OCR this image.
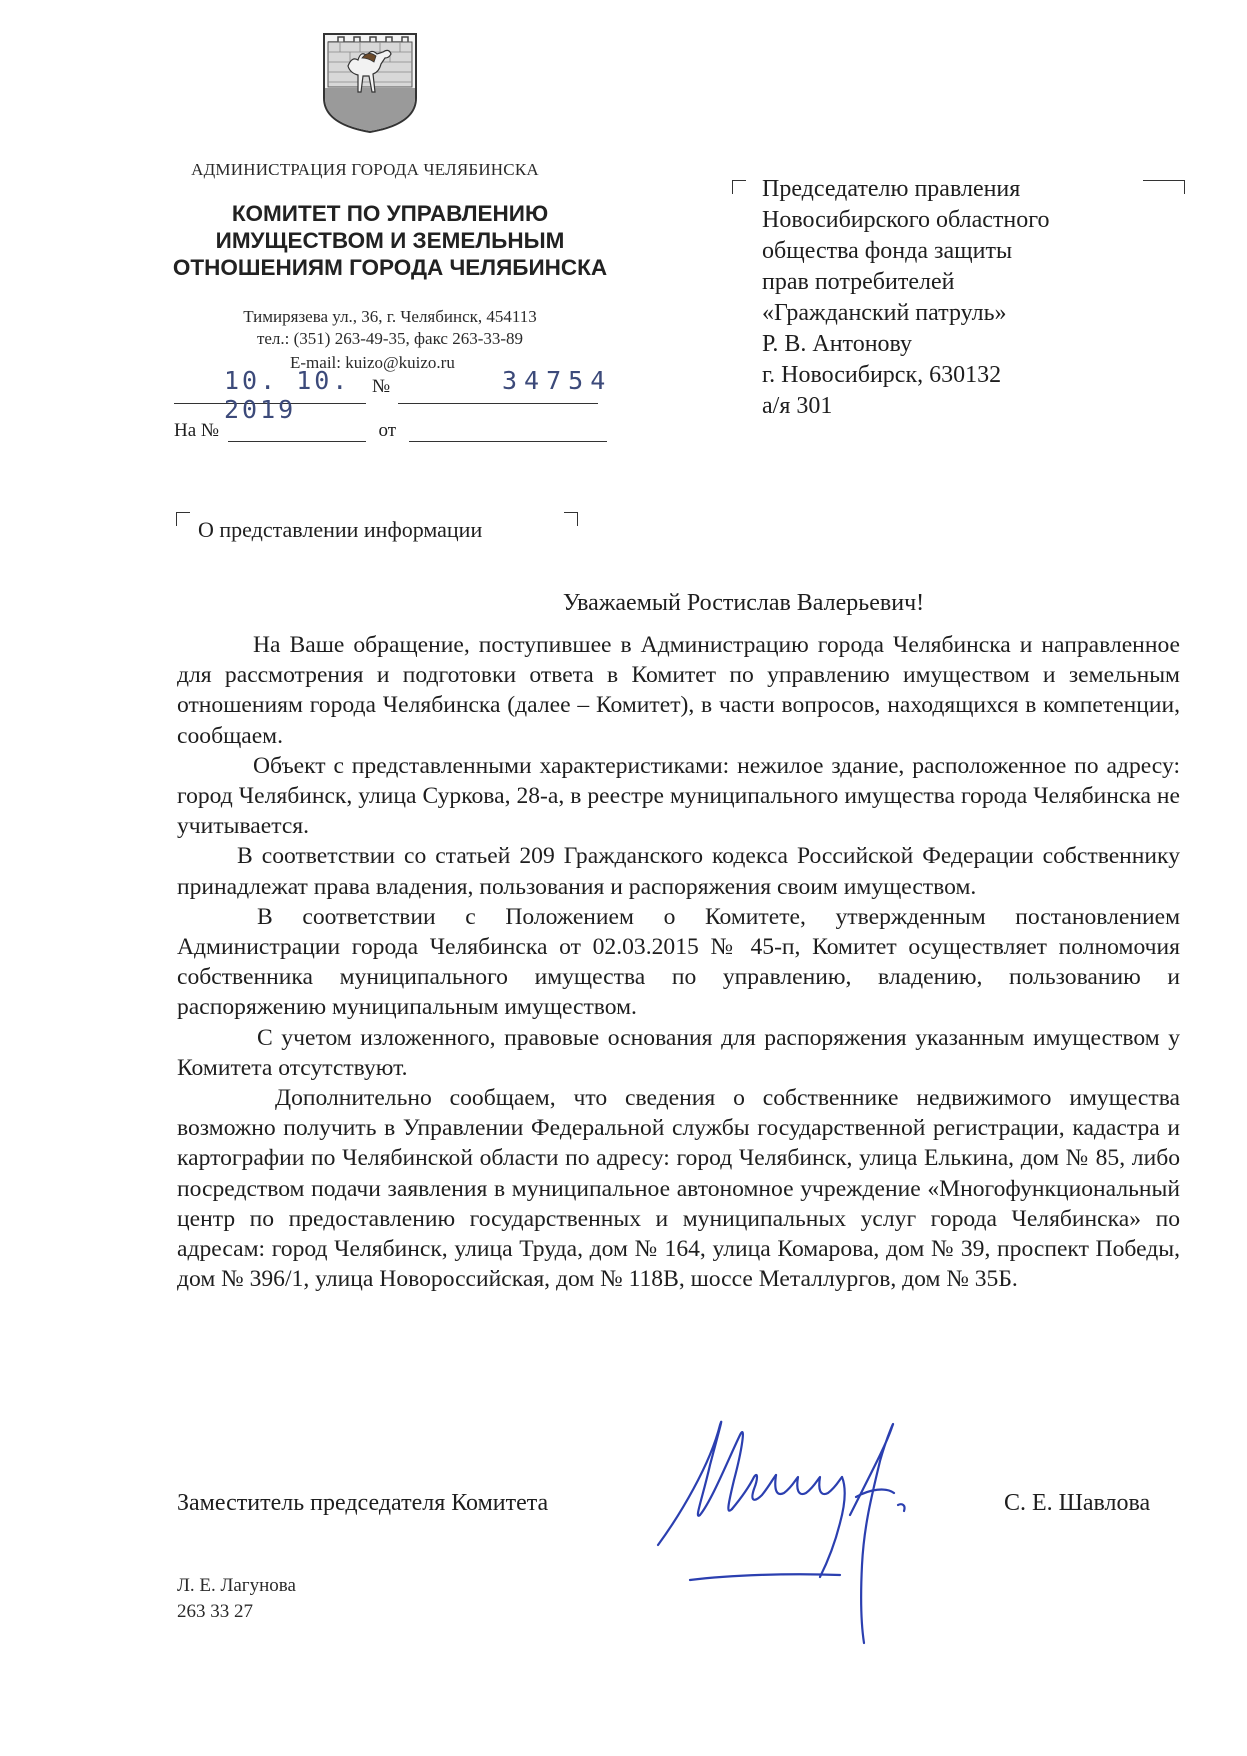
АДМИНИСТРАЦИЯ ГОРОДА ЧЕЛЯБИНСКА
КОМИТЕТ ПО УПРАВЛЕНИЮ
ИМУЩЕСТВОМ И ЗЕМЕЛЬНЫМ
ОТНОШЕНИЯМ ГОРОДА ЧЕЛЯБИНСКА
Тимирязева ул., 36, г. Челябинск, 454113
тел.: (351) 263-49-35, факс 263-33-89
E-mail: kuizo@kuizo.ru
10. 10. 2019
№	34754
На №	от
О представлении информации
Председателю правления
Новосибирского областного
общества фонда защиты
прав потребителей
«Гражданский патруль»
Р. В. Антонову
г. Новосибирск, 630132
а/я 301
Уважаемый Ростислав Валерьевич!

На Ваше обращение, поступившее в Администрацию города Челябинска и направленное для рассмотрения и подготовки ответа в Комитет по управлению имуществом и земельным отношениям города Челябинска (далее – Комитет), в части вопросов, находящихся в компетенции, сообщаем.

Объект с представленными характеристиками: нежилое здание, расположенное по адресу: город Челябинск, улица Суркова, 28-а, в реестре муниципального имущества города Челябинска не учитывается.

В соответствии со статьей 209 Гражданского кодекса Российской Федерации собственнику принадлежат права владения, пользования и распоряжения своим имуществом.

В соответствии с Положением о Комитете, утвержденным постановлением Администрации города Челябинска от 02.03.2015 № 45-п, Комитет осуществляет полномочия собственника муниципального имущества по управлению, владению, пользованию и распоряжению муниципальным имуществом.

С учетом изложенного, правовые основания для распоряжения указанным имуществом у Комитета отсутствуют.

Дополнительно сообщаем, что сведения о собственнике недвижимого имущества возможно получить в Управлении Федеральной службы государственной регистрации, кадастра и картографии по Челябинской области по адресу: город Челябинск, улица Елькина, дом № 85, либо посредством подачи заявления в муниципальное автономное учреждение «Многофункциональный центр по предоставлению государственных и муниципальных услуг города Челябинска» по адресам: город Челябинск, улица Труда, дом № 164, улица Комарова, дом № 39, проспект Победы, дом № 396/1, улица Новороссийская, дом № 118В, шоссе Металлургов, дом № 35Б.

Заместитель председателя Комитета	С. Е. Шавлова
Л. Е. Лагунова
263 33 27
